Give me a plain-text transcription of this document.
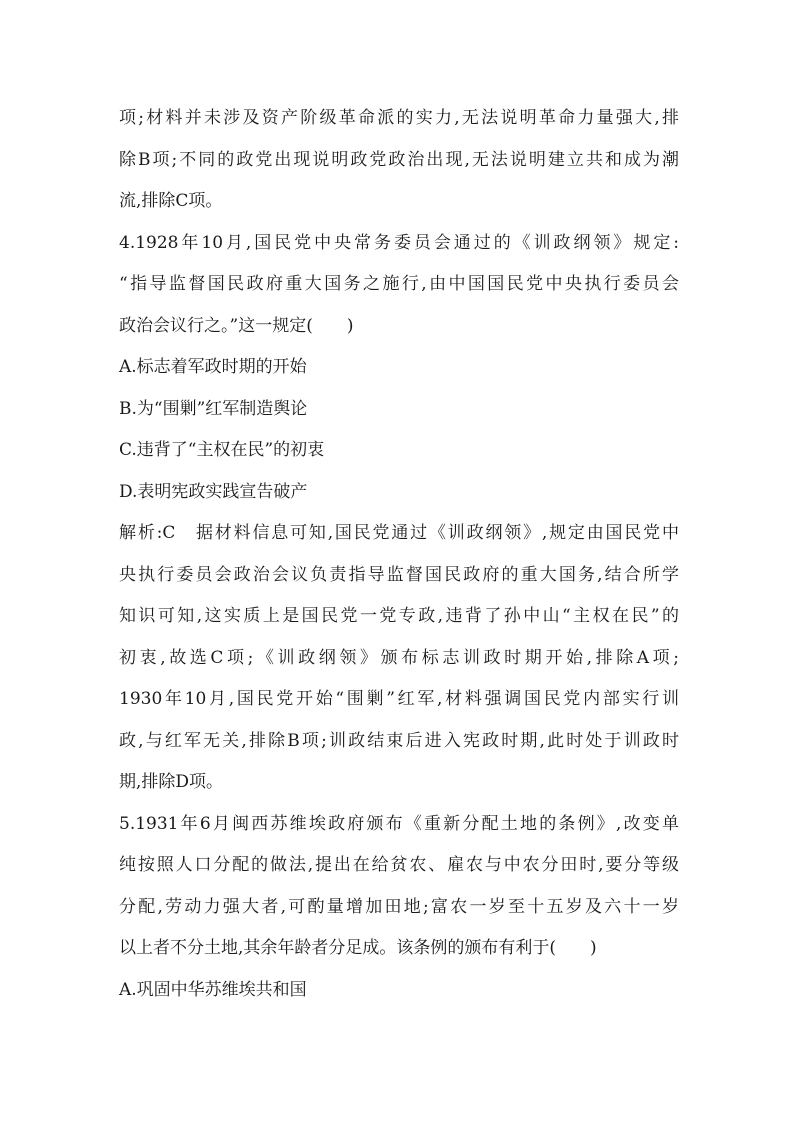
项;材料并未涉及资产阶级革命派的实力,无法说明革命力量强大,排
除B项;不同的政党出现说明政党政治出现,无法说明建立共和成为潮
流,排除C项。
4.1928年10月,国民党中央常务委员会通过的《训政纲领》规定:
“指导监督国民政府重大国务之施行,由中国国民党中央执行委员会
政治会议行之。”这一规定(　　)
A.标志着军政时期的开始
B.为“围剿”红军制造舆论
C.违背了“主权在民”的初衷
D.表明宪政实践宣告破产
解析:C　据材料信息可知,国民党通过《训政纲领》,规定由国民党中
央执行委员会政治会议负责指导监督国民政府的重大国务,结合所学
知识可知,这实质上是国民党一党专政,违背了孙中山“主权在民”的
初衷,故选C项;《训政纲领》颁布标志训政时期开始,排除A项;
1930年10月,国民党开始“围剿”红军,材料强调国民党内部实行训
政,与红军无关,排除B项;训政结束后进入宪政时期,此时处于训政时
期,排除D项。
5.1931年6月闽西苏维埃政府颁布《重新分配土地的条例》,改变单
纯按照人口分配的做法,提出在给贫农、雇农与中农分田时,要分等级
分配,劳动力强大者,可酌量增加田地;富农一岁至十五岁及六十一岁
以上者不分土地,其余年龄者分足成。该条例的颁布有利于(　　)
A.巩固中华苏维埃共和国
